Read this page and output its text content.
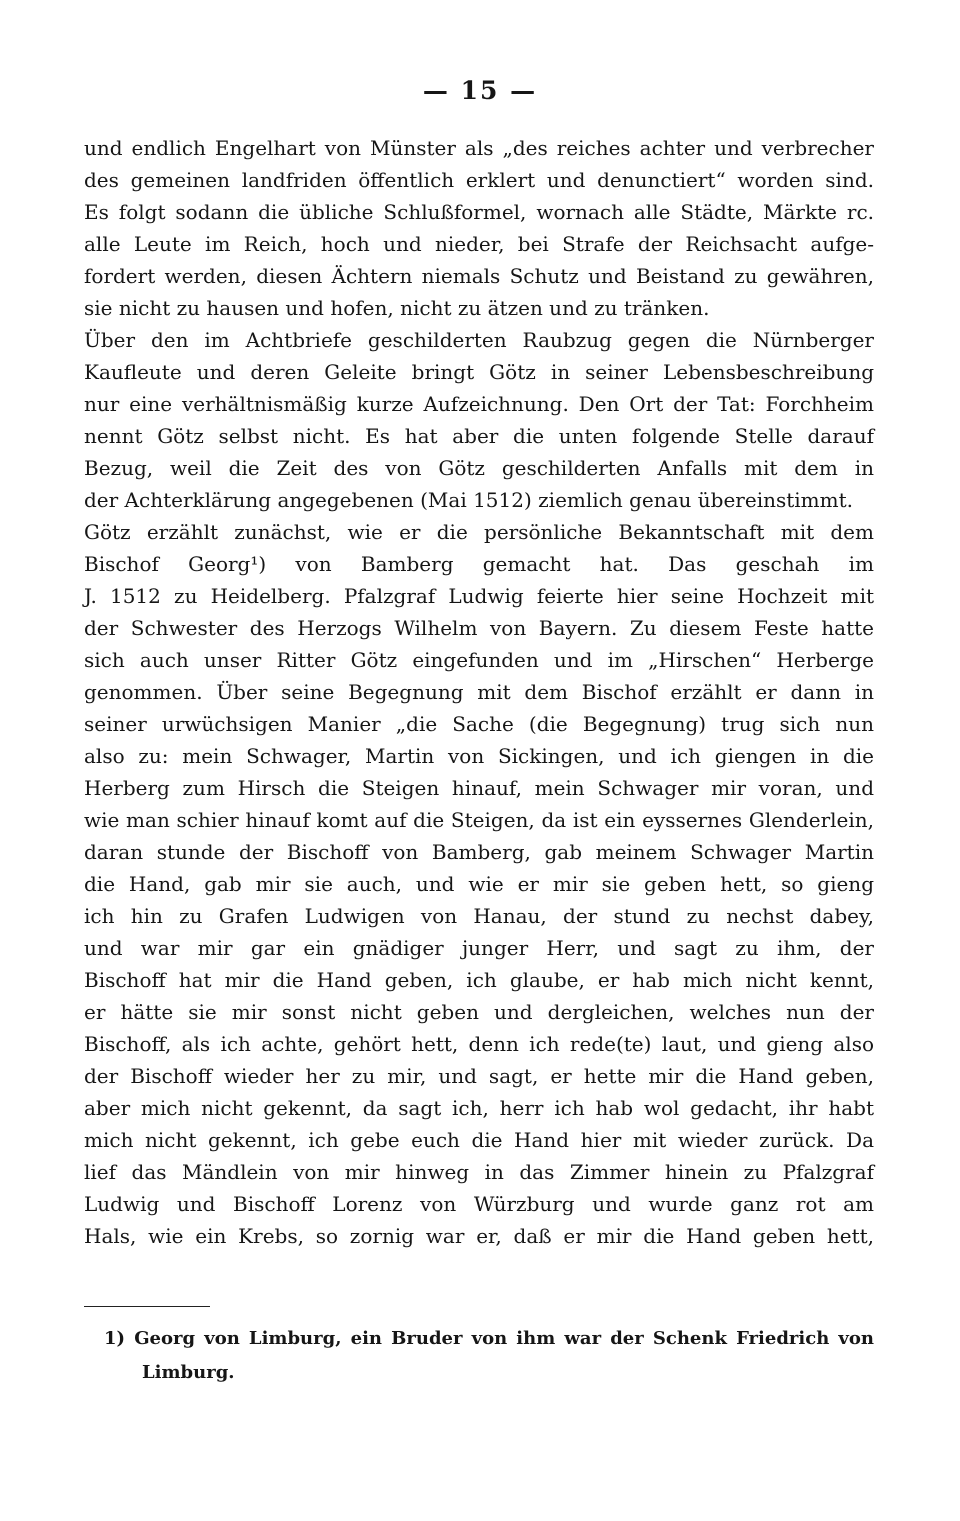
— 15 —
und endlich Engelhart von Münster als „des reiches achter und verbrecher
des gemeinen landfriden öffentlich erklert und denunctiert“ worden sind.
Es folgt sodann die übliche Schlußformel, wornach alle Städte, Märkte rc.
alle Leute im Reich, hoch und nieder, bei Strafe der Reichsacht aufge-
fordert werden, diesen Ächtern niemals Schutz und Beistand zu gewähren,
sie nicht zu hausen und hofen, nicht zu ätzen und zu tränken.
Über den im Achtbriefe geschilderten Raubzug gegen die Nürnberger
Kaufleute und deren Geleite bringt Götz in seiner Lebensbeschreibung
nur eine verhältnismäßig kurze Aufzeichnung. Den Ort der Tat: Forchheim
nennt Götz selbst nicht. Es hat aber die unten folgende Stelle darauf
Bezug, weil die Zeit des von Götz geschilderten Anfalls mit dem in
der Achterklärung angegebenen (Mai 1512) ziemlich genau übereinstimmt.
Götz erzählt zunächst, wie er die persönliche Bekanntschaft mit dem
Bischof Georg¹) von Bamberg gemacht hat. Das geschah im
J. 1512 zu Heidelberg. Pfalzgraf Ludwig feierte hier seine Hochzeit mit
der Schwester des Herzogs Wilhelm von Bayern. Zu diesem Feste hatte
sich auch unser Ritter Götz eingefunden und im „Hirschen“ Herberge
genommen. Über seine Begegnung mit dem Bischof erzählt er dann in
seiner urwüchsigen Manier „die Sache (die Begegnung) trug sich nun
also zu: mein Schwager, Martin von Sickingen, und ich giengen in die
Herberg zum Hirsch die Steigen hinauf, mein Schwager mir voran, und
wie man schier hinauf komt auf die Steigen, da ist ein eyssernes Glenderlein,
daran stunde der Bischoff von Bamberg, gab meinem Schwager Martin
die Hand, gab mir sie auch, und wie er mir sie geben hett, so gieng
ich hin zu Grafen Ludwigen von Hanau, der stund zu nechst dabey,
und war mir gar ein gnädiger junger Herr, und sagt zu ihm, der
Bischoff hat mir die Hand geben, ich glaube, er hab mich nicht kennt,
er hätte sie mir sonst nicht geben und dergleichen, welches nun der
Bischoff, als ich achte, gehört hett, denn ich rede(te) laut, und gieng also
der Bischoff wieder her zu mir, und sagt, er hette mir die Hand geben,
aber mich nicht gekennt, da sagt ich, herr ich hab wol gedacht, ihr habt
mich nicht gekennt, ich gebe euch die Hand hier mit wieder zurück. Da
lief das Mändlein von mir hinweg in das Zimmer hinein zu Pfalzgraf
Ludwig und Bischoff Lorenz von Würzburg und wurde ganz rot am
Hals, wie ein Krebs, so zornig war er, daß er mir die Hand geben hett,
1) Georg von Limburg, ein Bruder von ihm war der Schenk Friedrich von
Limburg.
